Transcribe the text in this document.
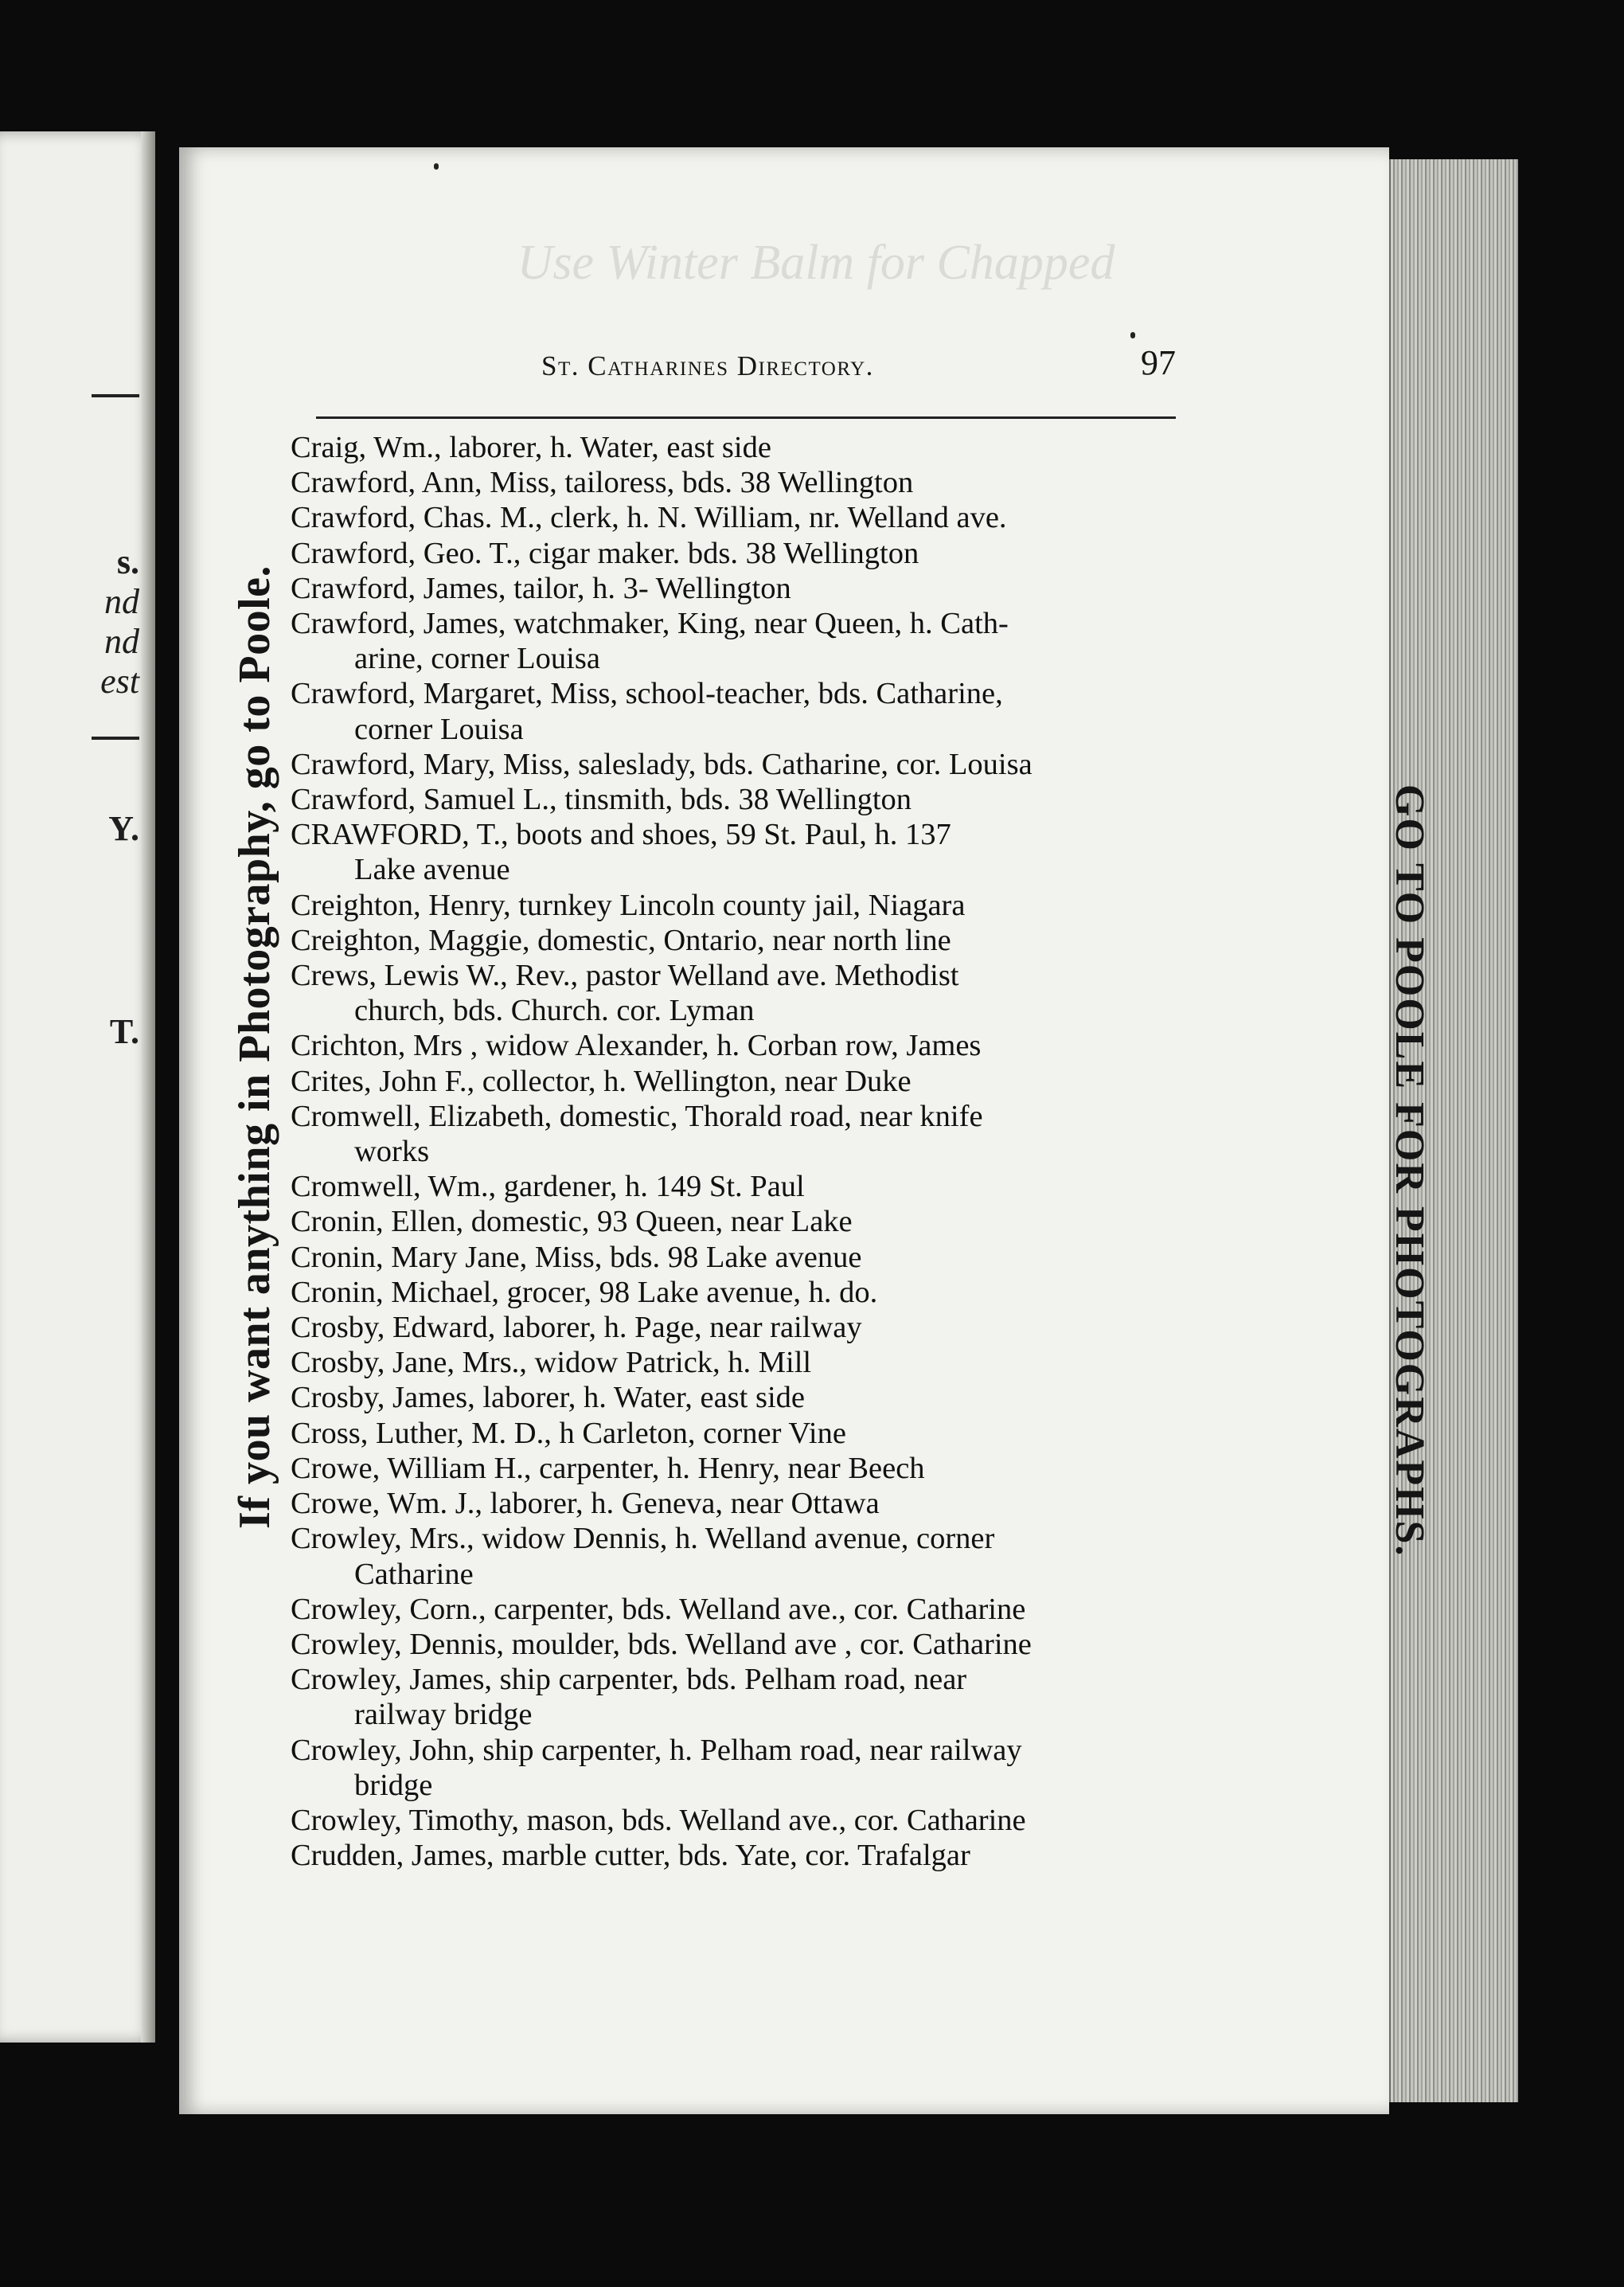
s.
nd
nd
est
Y.
T.
Use Winter Balm for Chapped
St. Catharines Directory.	97
Craig, Wm., laborer, h. Water, east side
Crawford, Ann, Miss, tailoress, bds. 38 Wellington
Crawford, Chas. M., clerk, h. N. William, nr. Welland ave.
Crawford, Geo. T., cigar maker. bds. 38 Wellington
Crawford, James, tailor, h. 3- Wellington
Crawford, James, watchmaker, King, near Queen, h. Cath-
arine, corner Louisa
Crawford, Margaret, Miss, school-teacher, bds. Catharine,
corner Louisa
Crawford, Mary, Miss, saleslady, bds. Catharine, cor. Louisa
Crawford, Samuel L., tinsmith, bds. 38 Wellington
CRAWFORD, T., boots and shoes, 59 St. Paul, h. 137
Lake avenue
Creighton, Henry, turnkey Lincoln county jail, Niagara
Creighton, Maggie, domestic, Ontario, near north line
Crews, Lewis W., Rev., pastor Welland ave. Methodist
church, bds. Church. cor. Lyman
Crichton, Mrs , widow Alexander, h. Corban row, James
Crites, John F., collector, h. Wellington, near Duke
Cromwell, Elizabeth, domestic, Thorald road, near knife
works
Cromwell, Wm., gardener, h. 149 St. Paul
Cronin, Ellen, domestic, 93 Queen, near Lake
Cronin, Mary Jane, Miss, bds. 98 Lake avenue
Cronin, Michael, grocer, 98 Lake avenue, h. do.
Crosby, Edward, laborer, h. Page, near railway
Crosby, Jane, Mrs., widow Patrick, h. Mill
Crosby, James, laborer, h. Water, east side
Cross, Luther, M. D., h Carleton, corner Vine
Crowe, William H., carpenter, h. Henry, near Beech
Crowe, Wm. J., laborer, h. Geneva, near Ottawa
Crowley, Mrs., widow Dennis, h. Welland avenue, corner
Catharine
Crowley, Corn., carpenter, bds. Welland ave., cor. Catharine
Crowley, Dennis, moulder, bds. Welland ave , cor. Catharine
Crowley, James, ship carpenter, bds. Pelham road, near
railway bridge
Crowley, John, ship carpenter, h. Pelham road, near railway
bridge
Crowley, Timothy, mason, bds. Welland ave., cor. Catharine
Crudden, James, marble cutter, bds. Yate, cor. Trafalgar
If you want anything in Photography, go to Poole.	GO TO POOLE FOR PHOTOGRAPHS.
